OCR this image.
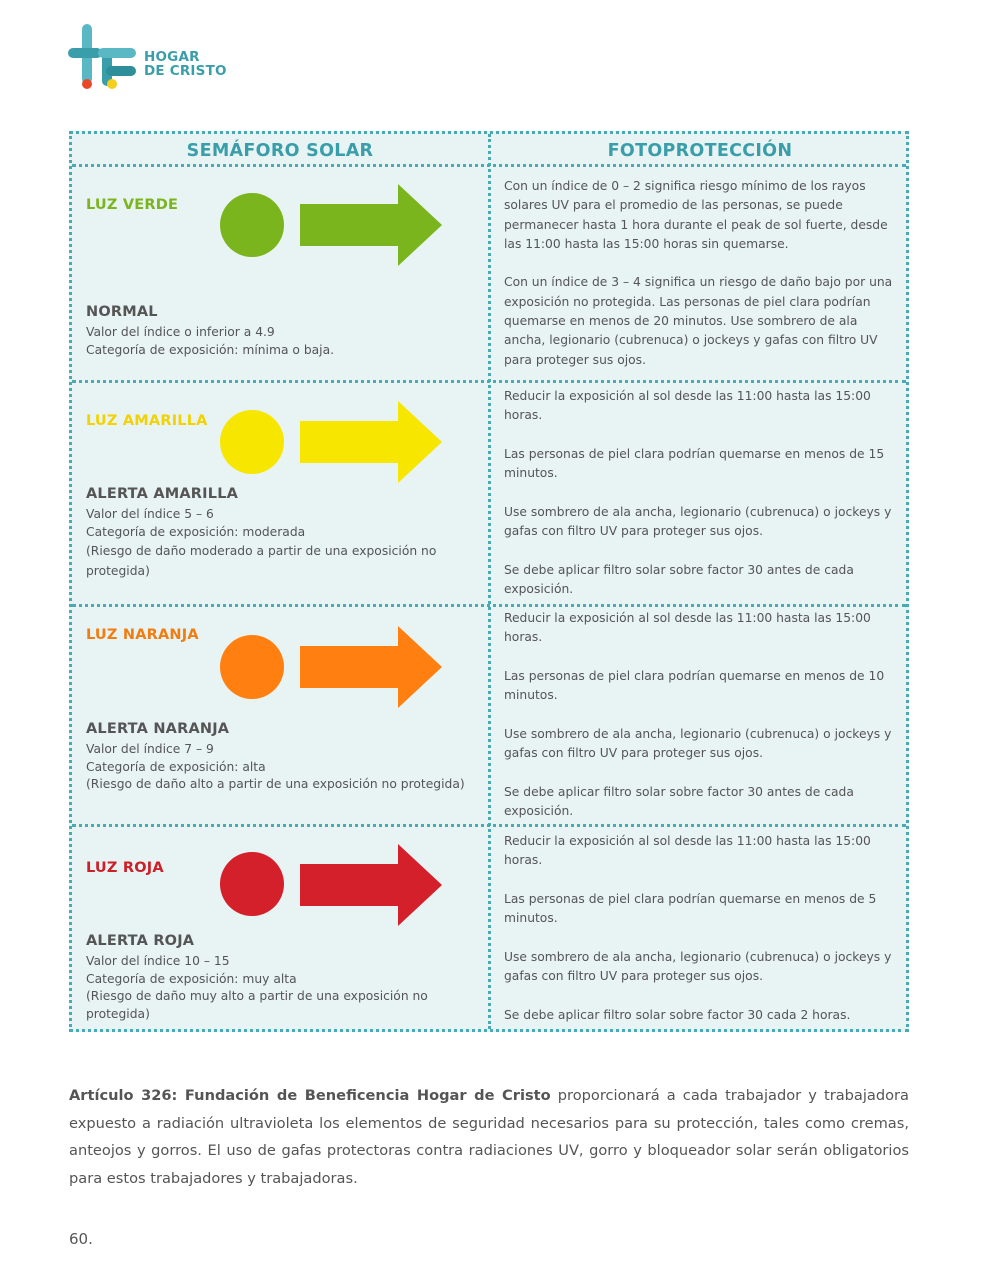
HOGAR
DE CRISTO
SEMÁFORO SOLAR	FOTOPROTECCIÓN
LUZ VERDE
NORMAL
Valor del índice o inferior a 4.9
Categoría de exposición: mínima o baja.

Con un índice de 0 – 2 significa riesgo mínimo de los rayos solares UV para el promedio de las personas, se puede permanecer hasta 1 hora durante el peak de sol fuerte, desde las 11:00 hasta las 15:00 horas sin quemarse.

Con un índice de 3 – 4 significa un riesgo de daño bajo por una exposición no protegida. Las personas de piel clara podrían quemarse en menos de 20 minutos. Use sombrero de ala ancha, legionario (cubrenuca) o jockeys y gafas con filtro UV para proteger sus ojos.

LUZ AMARILLA
ALERTA AMARILLA
Valor del índice 5 – 6
Categoría de exposición: moderada
(Riesgo de daño moderado a partir de una exposición no protegida)

Reducir la exposición al sol desde las 11:00 hasta las 15:00 horas.

Las personas de piel clara podrían quemarse en menos de 15 minutos.

Use sombrero de ala ancha, legionario (cubrenuca) o jockeys y gafas con filtro UV para proteger sus ojos.

Se debe aplicar filtro solar sobre factor 30 antes de cada exposición.

LUZ NARANJA
ALERTA NARANJA
Valor del índice 7 – 9
Categoría de exposición: alta
(Riesgo de daño alto a partir de una exposición no protegida)

Reducir la exposición al sol desde las 11:00 hasta las 15:00 horas.

Las personas de piel clara podrían quemarse en menos de 10 minutos.

Use sombrero de ala ancha, legionario (cubrenuca) o jockeys y gafas con filtro UV para proteger sus ojos.

Se debe aplicar filtro solar sobre factor 30 antes de cada exposición.

LUZ ROJA
ALERTA ROJA
Valor del índice 10 – 15
Categoría de exposición: muy alta
(Riesgo de daño muy alto a partir de una exposición no protegida)

Reducir la exposición al sol desde las 11:00 hasta las 15:00 horas.

Las personas de piel clara podrían quemarse en menos de 5 minutos.

Use sombrero de ala ancha, legionario (cubrenuca) o jockeys y gafas con filtro UV para proteger sus ojos.

Se debe aplicar filtro solar sobre factor 30 cada 2 horas.

Artículo 326: Fundación de Beneficencia Hogar de Cristo proporcionará a cada trabajador y trabajadora expuesto a radiación ultravioleta los elementos de seguridad necesarios para su protección, tales como cremas, anteojos y gorros. El uso de gafas protectoras contra radiaciones UV, gorro y bloqueador solar serán obligatorios para estos trabajadores y trabajadoras.
60.
